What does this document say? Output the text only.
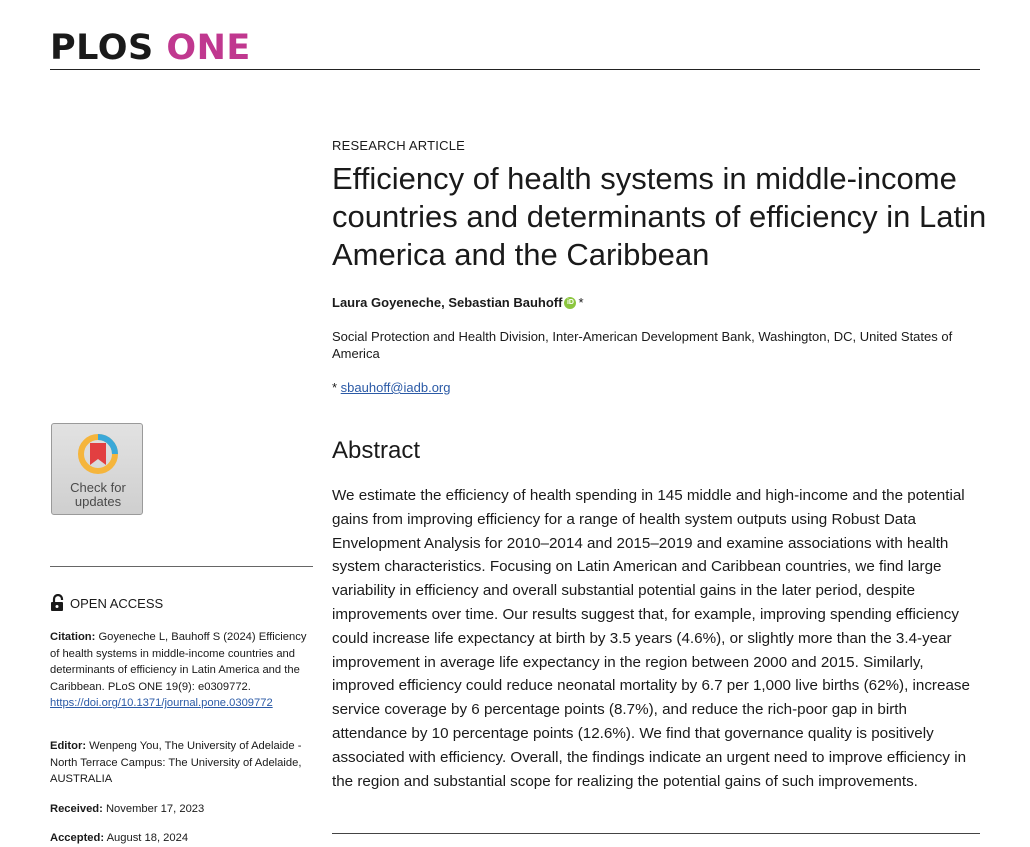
PLOS ONE
RESEARCH ARTICLE
Efficiency of health systems in middle-income countries and determinants of efficiency in Latin America and the Caribbean
Laura Goyeneche, Sebastian Bauhoff iD *
Social Protection and Health Division, Inter-American Development Bank, Washington, DC, United States of America
* sbauhoff@iadb.org
Abstract

We estimate the efficiency of health spending in 145 middle and high-income and the potential gains from improving efficiency for a range of health system outputs using Robust Data Envelopment Analysis for 2010–2014 and 2015–2019 and examine associations with health system characteristics. Focusing on Latin American and Caribbean countries, we find large variability in efficiency and overall substantial potential gains in the later period, despite improvements over time. Our results suggest that, for example, improving spending efficiency could increase life expectancy at birth by 3.5 years (4.6%), or slightly more than the 3.4-year improvement in average life expectancy in the region between 2000 and 2015. Similarly, improved efficiency could reduce neonatal mortality by 6.7 per 1,000 live births (62%), increase service coverage by 6 percentage points (8.7%), and reduce the rich-poor gap in birth attendance by 10 percentage points (12.6%). We find that governance quality is positively associated with efficiency. Overall, the findings indicate an urgent need to improve efficiency in the region and substantial scope for realizing the potential gains of such improvements.

Check for
updates
OPEN ACCESS

Citation: Goyeneche L, Bauhoff S (2024) Efficiency of health systems in middle-income countries and determinants of efficiency in Latin America and the Caribbean. PLoS ONE 19(9): e0309772. https://doi.org/10.1371/journal.pone.0309772

Editor: Wenpeng You, The University of Adelaide - North Terrace Campus: The University of Adelaide, AUSTRALIA

Received: November 17, 2023

Accepted: August 18, 2024
